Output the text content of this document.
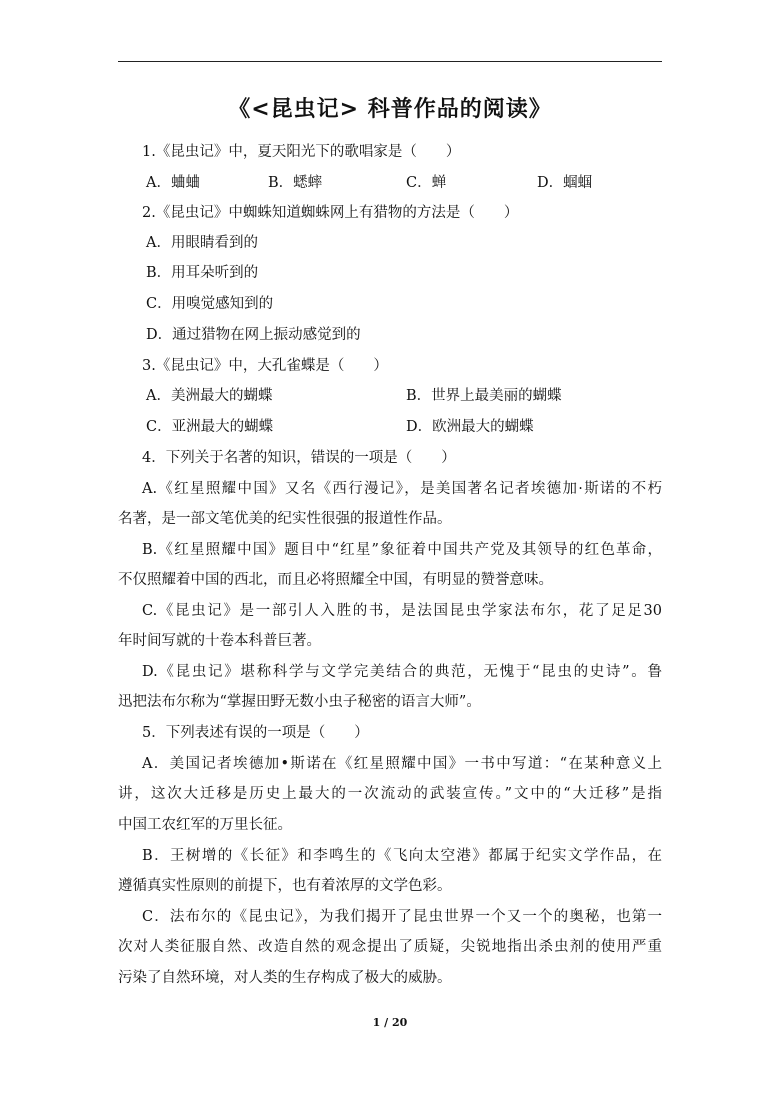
《<昆虫记> 科普作品的阅读》
1.《昆虫记》中，夏天阳光下的歌唱家是（　　）
A．蛐蛐	B．蟋蟀	C．蝉	D．蝈蝈
2.《昆虫记》中蜘蛛知道蜘蛛网上有猎物的方法是（　　）
A．用眼睛看到的
B．用耳朵听到的
C．用嗅觉感知到的
D．通过猎物在网上振动感觉到的
3.《昆虫记》中，大孔雀蝶是（　　）
A．美洲最大的蝴蝶	B．世界上最美丽的蝴蝶
C．亚洲最大的蝴蝶	D．欧洲最大的蝴蝶
4．下列关于名著的知识，错误的一项是（　　）
A.《红星照耀中国》又名《西行漫记》，是美国著名记者埃德加·斯诺的不朽
名著，是一部文笔优美的纪实性很强的报道性作品。
B.《红星照耀中国》题目中“红星”象征着中国共产党及其领导的红色革命，
不仅照耀着中国的西北，而且必将照耀全中国，有明显的赞誉意味。
C.《昆虫记》是一部引人入胜的书，是法国昆虫学家法布尔，花了足足30
年时间写就的十卷本科普巨著。
D.《昆虫记》堪称科学与文学完美结合的典范，无愧于“昆虫的史诗”。鲁
迅把法布尔称为“掌握田野无数小虫子秘密的语言大师”。
5．下列表述有误的一项是（　　）
A．美国记者埃德加•斯诺在《红星照耀中国》一书中写道：“在某种意义上
讲，这次大迁移是历史上最大的一次流动的武装宣传。”文中的“大迁移”是指
中国工农红军的万里长征。
B．王树增的《长征》和李鸣生的《飞向太空港》都属于纪实文学作品，在
遵循真实性原则的前提下，也有着浓厚的文学色彩。
C．法布尔的《昆虫记》，为我们揭开了昆虫世界一个又一个的奥秘，也第一
次对人类征服自然、改造自然的观念提出了质疑，尖锐地指出杀虫剂的使用严重
污染了自然环境，对人类的生存构成了极大的威胁。
1 / 20
